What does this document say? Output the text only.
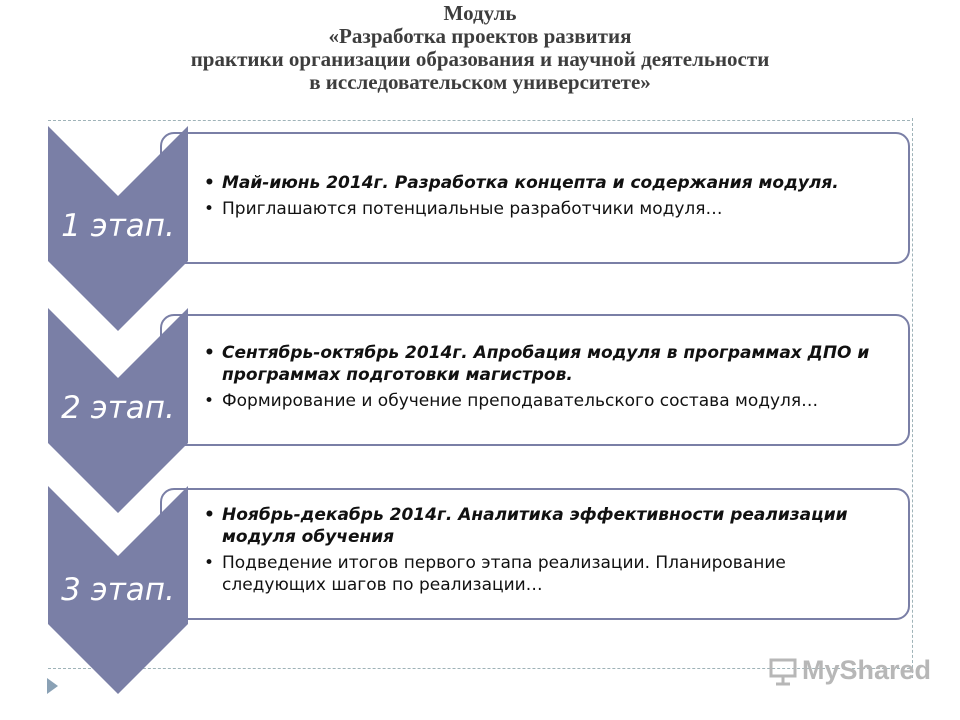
Модуль
«Разработка проектов развития
практики организации образования и научной деятельности
в исследовательском университете»
• Май-июнь 2014г. Разработка концепта и содержания модуля.
• Приглашаются потенциальные разработчики модуля…
1 этап.
• Сентябрь-октябрь 2014г. Апробация модуля в программах ДПО и программах подготовки магистров.
• Формирование и обучение преподавательского состава модуля…
2 этап.
• Ноябрь-декабрь 2014г. Аналитика эффективности реализации модуля обучения
• Подведение итогов первого этапа реализации. Планирование следующих шагов по реализации…
3 этап.
MyShared
